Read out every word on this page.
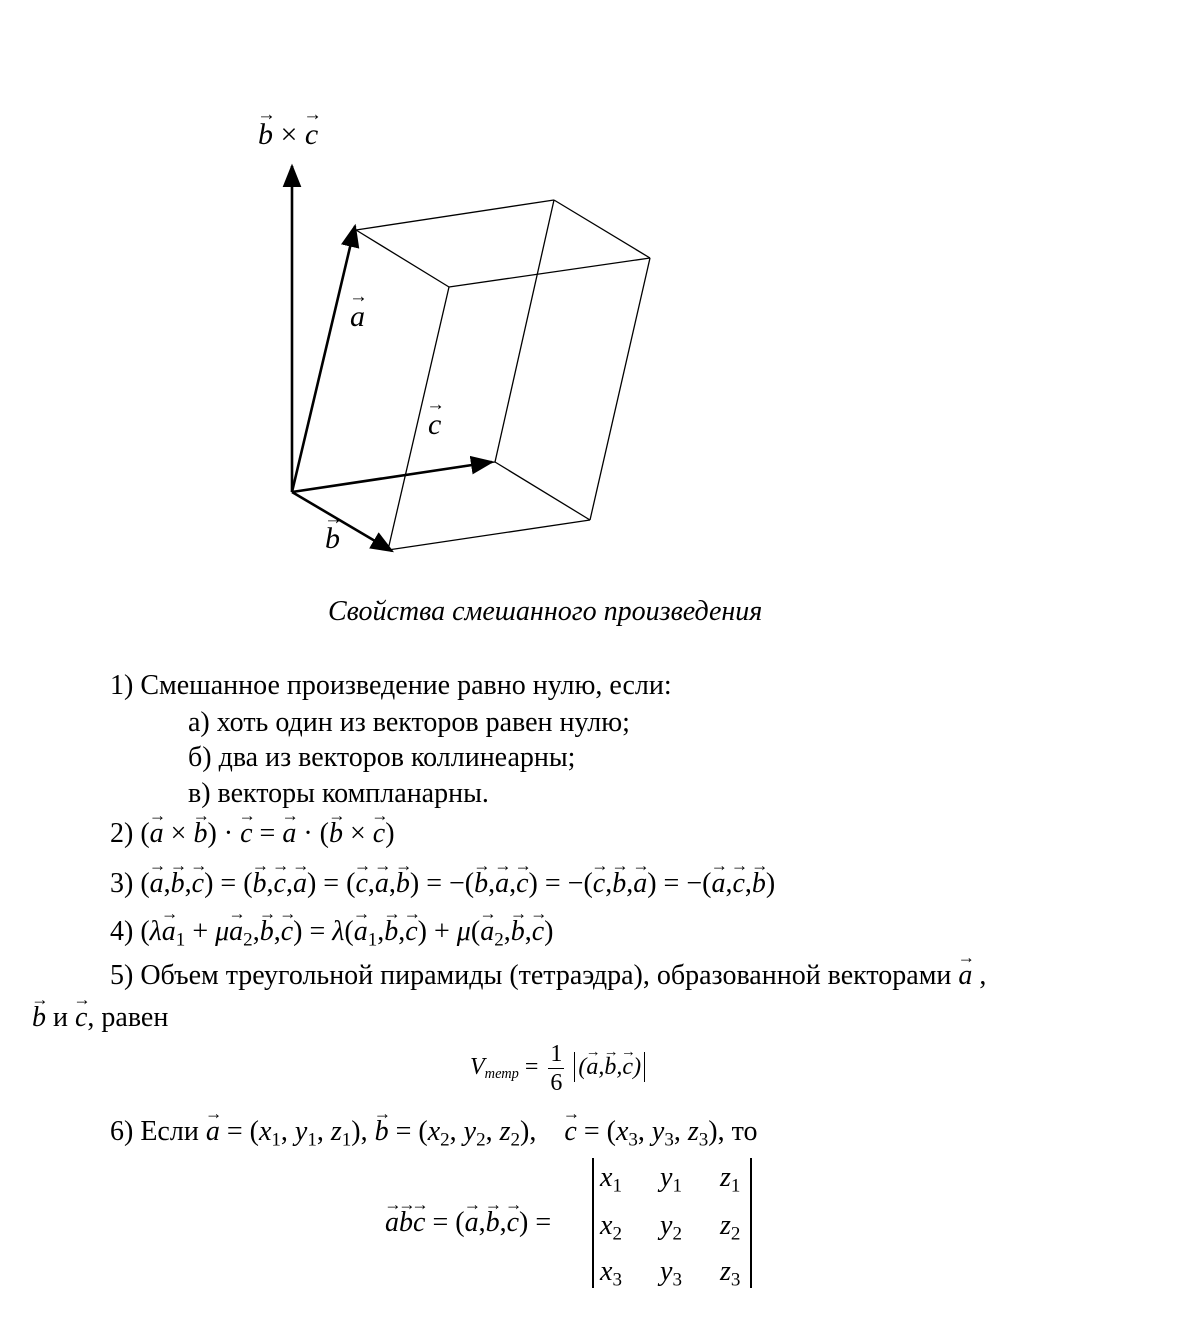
→ b × → c
→ a
→ c
→ b
Свойства смешанного произведения
1) Смешанное произведение равно нулю, если:
а) хоть один из векторов равен нулю;
б) два из векторов коллинеарны;
в) векторы компланарны.
2) (→ a × → b) · → c = → a · (→ b × → c)
3) (→ a,→ b,→ c) = (→ b,→ c,→ a) = (→ c,→ a,→ b) = −(→ b,→ a,→ c) = −(→ c,→ b,→ a) = −(→ a,→ c,→ b)
4) $(\lambda\to a_1 + \mu\to a_2,\to b,\to c) = \lambda(\to a_1,\to b,\to c) + \mu(\to a_2,\to b,\to c)$
5) Объем треугольной пирамиды (тетраэдра), образованной векторами → a ,
→ b и → c, равен
$V_{тетр} = \frac{1}{6}$ (→ a,→ b,→ c)
6) Если → $a = (x_1$, $y_1$, $z_1$), → $b = (x_2$, $y_2$, $z_2$),    → $c = (x_3$, $y_3$, $z_3$), то
→ a→ b→ c = (→ a,→ b,→ c) =
$x_1$ $y_1$ $z_1$
$x_2$ $y_2$ $z_2$
$x_3$ $y_3$ $z_3$
